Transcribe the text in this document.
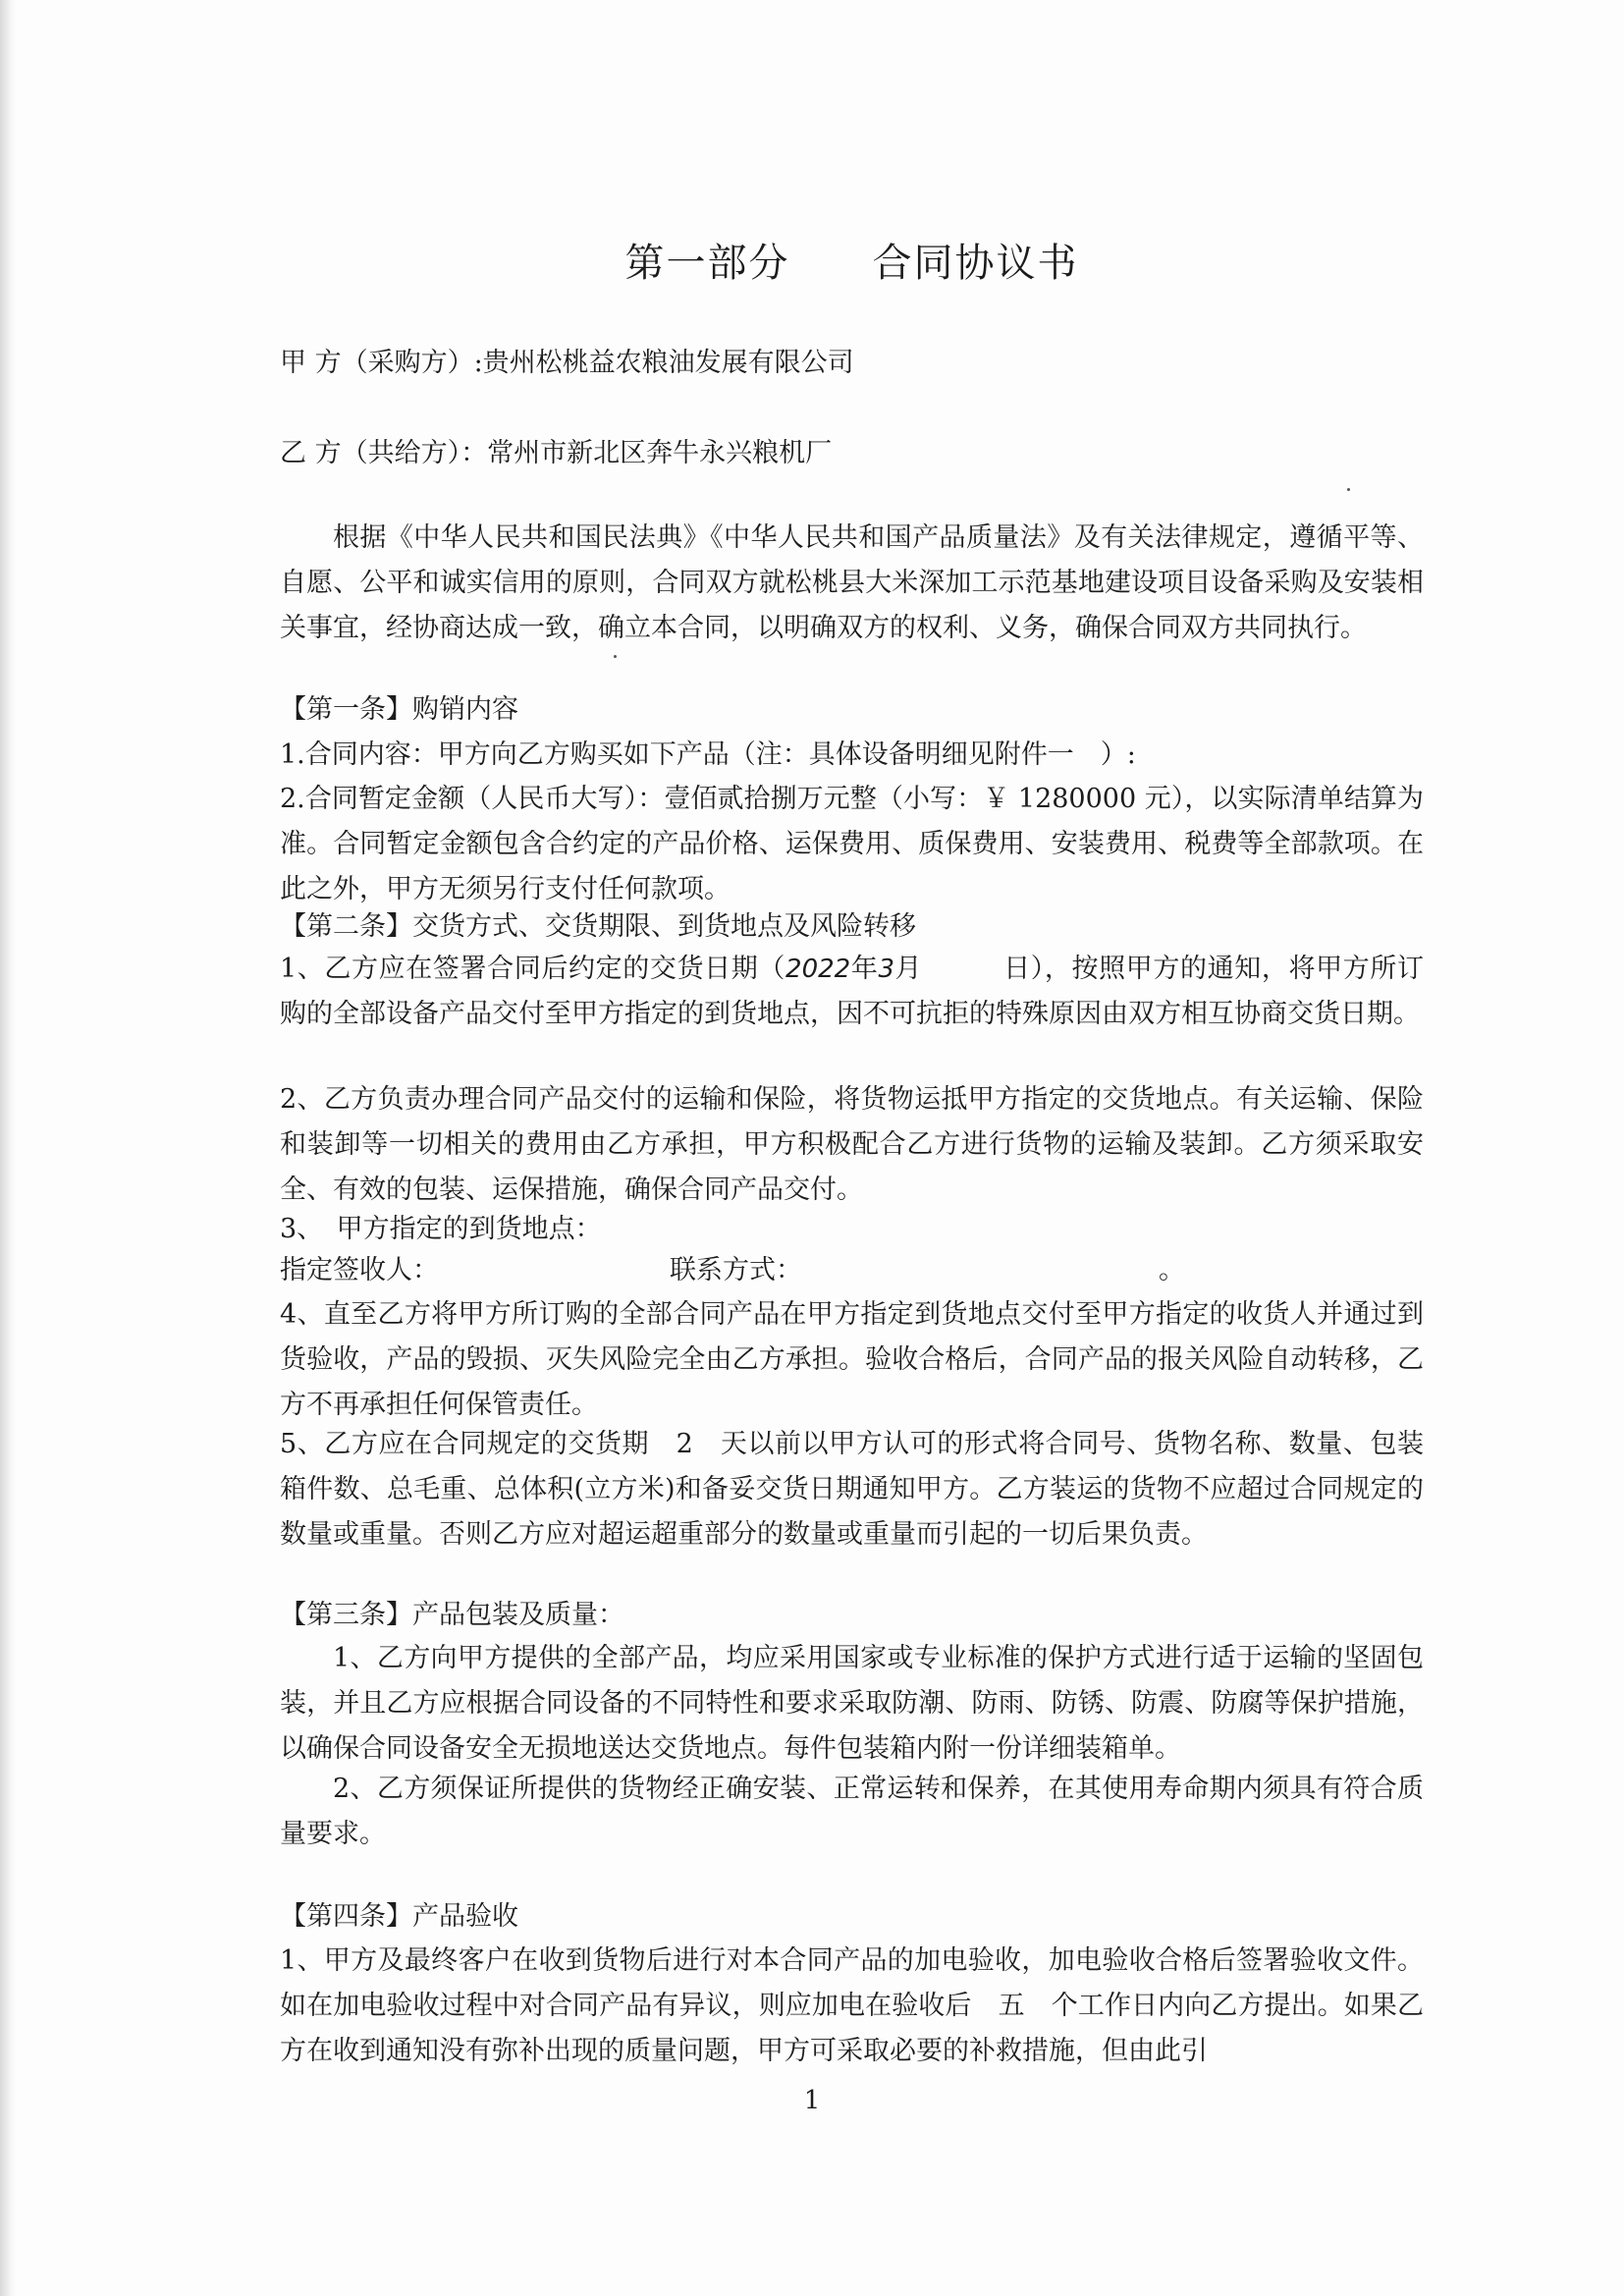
第一部分　　合同协议书
甲 方（采购方）:贵州松桃益农粮油发展有限公司
乙 方（共给方）：常州市新北区奔牛永兴粮机厂
根据《中华人民共和国民法典》《中华人民共和国产品质量法》及有关法律规定，遵循平等、自愿、公平和诚实信用的原则，合同双方就松桃县大米深加工示范基地建设项目设备采购及安装相关事宜，经协商达成一致，确立本合同，以明确双方的权利、义务，确保合同双方共同执行。
【第一条】购销内容
1.合同内容：甲方向乙方购买如下产品（注：具体设备明细见附件一　）:
2.合同暂定金额（人民币大写）：壹佰贰拾捌万元整（小写：￥ 1280000 元），以实际清单结算为准。合同暂定金额包含合约定的产品价格、运保费用、质保费用、安装费用、税费等全部款项。在此之外，甲方无须另行支付任何款项。
【第二条】交货方式、交货期限、到货地点及风险转移
1、乙方应在签署合同后约定的交货日期（2022年3月　　　日），按照甲方的通知，将甲方所订购的全部设备产品交付至甲方指定的到货地点，因不可抗拒的特殊原因由双方相互协商交货日期。
2、乙方负责办理合同产品交付的运输和保险，将货物运抵甲方指定的交货地点。有关运输、保险和装卸等一切相关的费用由乙方承担，甲方积极配合乙方进行货物的运输及装卸。乙方须采取安全、有效的包装、运保措施，确保合同产品交付。
3、　甲方指定的到货地点：
指定签收人：	联系方式：	。
4、直至乙方将甲方所订购的全部合同产品在甲方指定到货地点交付至甲方指定的收货人并通过到货验收，产品的毁损、灭失风险完全由乙方承担。验收合格后，合同产品的报关风险自动转移，乙方不再承担任何保管责任。
5、乙方应在合同规定的交货期　2　天以前以甲方认可的形式将合同号、货物名称、数量、包装箱件数、总毛重、总体积(立方米)和备妥交货日期通知甲方。乙方装运的货物不应超过合同规定的数量或重量。否则乙方应对超运超重部分的数量或重量而引起的一切后果负责。
【第三条】产品包装及质量：
1、乙方向甲方提供的全部产品，均应采用国家或专业标准的保护方式进行适于运输的坚固包装，并且乙方应根据合同设备的不同特性和要求采取防潮、防雨、防锈、防震、防腐等保护措施，以确保合同设备安全无损地送达交货地点。每件包装箱内附一份详细装箱单。
2、乙方须保证所提供的货物经正确安装、正常运转和保养，在其使用寿命期内须具有符合质量要求。
【第四条】产品验收
1、甲方及最终客户在收到货物后进行对本合同产品的加电验收，加电验收合格后签署验收文件。如在加电验收过程中对合同产品有异议，则应加电在验收后　五　个工作日内向乙方提出。如果乙方在收到通知没有弥补出现的质量问题，甲方可采取必要的补救措施，但由此引
1
